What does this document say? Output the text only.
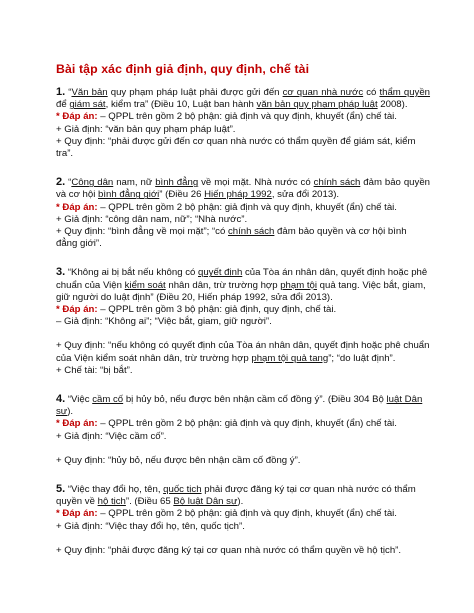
Bài tập xác định giả định, quy định, chế tài

1. “Văn bản quy phạm pháp luật phải được gửi đến cơ quan nhà nước có thẩm quyền để giám sát, kiểm tra” (Điều 10, Luật ban hành văn bản quy phạm pháp luật 2008).

* Đáp án: – QPPL trên gồm 2 bộ phận: giả định và quy định, khuyết (ẩn) chế tài.

+ Giả định: “văn bản quy phạm pháp luật”.

+ Quy định: “phải được gửi đến cơ quan nhà nước có thẩm quyền để giám sát, kiểm tra”.

2. “Công dân nam, nữ bình đẳng về mọi mặt. Nhà nước có chính sách đảm bảo quyền và cơ hội bình đẳng giới” (Điều 26 Hiến pháp 1992, sửa đổi 2013).

* Đáp án: – QPPL trên gồm 2 bộ phận: giả định và quy định, khuyết (ẩn) chế tài.

+ Giả định: “công dân nam, nữ”; “Nhà nước”.

+ Quy định: “bình đẳng về mọi mặt”; “có chính sách đảm bảo quyền và cơ hội bình đẳng giới”.

3. “Không ai bị bắt nếu không có quyết định của Tòa án nhân dân, quyết định hoặc phê chuẩn của Viện kiểm soát nhân dân, trừ trường hợp phạm tội quả tang. Việc bắt, giam, giữ người do luật định” (Điều 20, Hiến pháp 1992, sửa đổi 2013).

* Đáp án: – QPPL trên gồm 3 bộ phận: giả định, quy định, chế tài.

– Giả định: “Không ai”; “Việc bắt, giam, giữ người”.

+ Quy định: “nếu không có quyết định của Tòa án nhân dân, quyết định hoặc phê chuẩn của Viện kiểm soát nhân dân, trừ trường hợp phạm tội quả tang”; “do luật định”.

+ Chế tài: “bị bắt”.

4. “Việc cầm cố bị hủy bỏ, nếu được bên nhận cầm cố đồng ý”. (Điều 304 Bộ luật Dân sự).

* Đáp án: – QPPL trên gồm 2 bộ phận: giả định và quy định, khuyết (ẩn) chế tài.

+ Giả định: “Việc cầm cố”.

+ Quy định: “hủy bỏ, nếu được bên nhận cầm cố đồng ý”.

5. “Việc thay đổi họ, tên, quốc tịch phải được đăng ký tại cơ quan nhà nước có thẩm quyền về hộ tịch”. (Điều 65 Bộ luật Dân sự).

* Đáp án: – QPPL trên gồm 2 bộ phận: giả định và quy định, khuyết (ẩn) chế tài.

+ Giả định: “Việc thay đổi họ, tên, quốc tịch”.

+ Quy định: “phải được đăng ký tại cơ quan nhà nước có thẩm quyền về hộ tịch”.
